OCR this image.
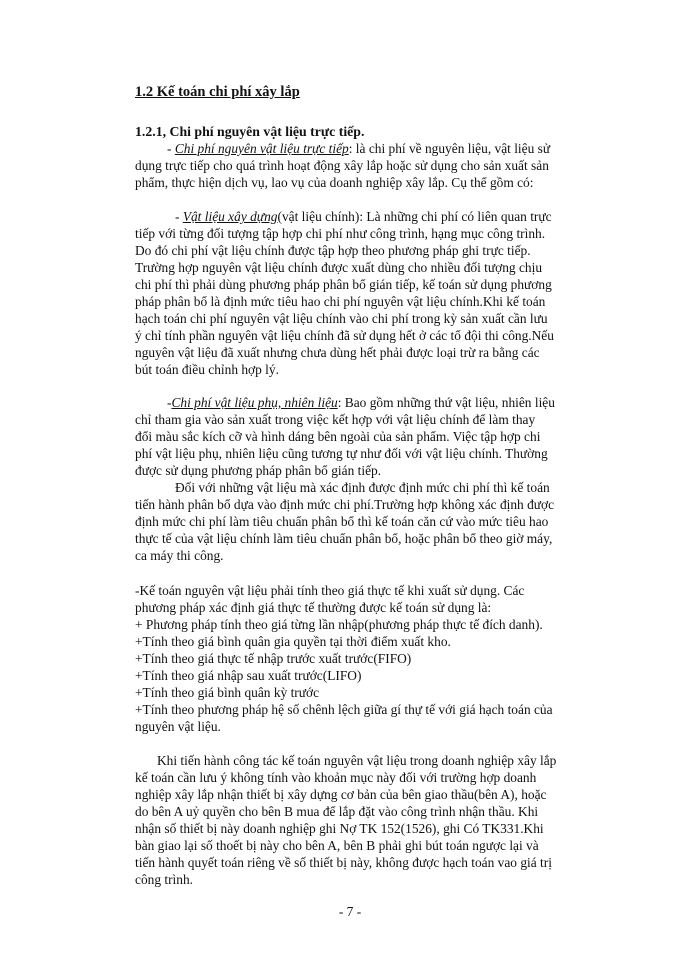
1.2 Kế toán chi phí xây lắp
1.2.1, Chi phí nguyên vật liệu trực tiếp.
- Chi phí nguyên vật liệu trực tiếp: là chi phí về nguyên liệu, vật liệu sử
dụng trực tiếp cho quá trình hoạt động xây lắp hoặc sử dụng cho sản xuất sản
phẩm, thực hiện dịch vụ, lao vụ của doanh nghiệp xây lắp. Cụ thể gồm có:
- Vật liệu xây dựng(vật liệu chính): Là những chi phí có liên quan trực
tiếp với từng đối tượng tập hợp chi phí như công trình, hạng mục công trình.
Do đó chi phí vật liệu chính được tập hợp theo phương pháp ghi trực tiếp.
Trường hợp nguyên vật liệu chính được xuất dùng cho nhiều đối tượng chịu
chi phí thì phải dùng phương pháp phân bổ gián tiếp, kế toán sử dụng phương
pháp phân bổ là định mức tiêu hao chi phí nguyên vật liệu chính.Khi kế toán
hạch toán chi phí nguyên vật liệu chính vào chi phí trong kỳ sản xuất cần lưu
ý chỉ tính phần nguyên vật liệu chính đã sử dụng hết ở các tổ đội thi công.Nếu
nguyên vật liệu đã xuất nhưng chưa dùng hết phải được loại trừ ra bằng các
bút toán điều chỉnh hợp lý.
-Chi phí vật liệu phụ, nhiên liệu: Bao gồm những thứ vật liệu, nhiên liệu
chỉ tham gia vào sản xuất trong việc kết hợp với vật liệu chính để làm thay
đổi màu sắc kích cỡ và hình dáng bên ngoài của sản phẩm. Việc tập hợp chi
phí vật liệu phụ, nhiên liệu cũng tương tự như đối với vật liệu chính. Thường
được sử dụng phương pháp phân bổ gián tiếp.
Đối với những vật liệu mà xác định được định mức chi phí thì kế toán
tiến hành phân bổ dựa vào định mức chi phí.Trường hợp không xác định được
định mức chi phí làm tiêu chuẩn phân bổ thì kế toán căn cứ vào mức tiêu hao
thực tế của vật liệu chính làm tiêu chuẩn phân bổ, hoặc phân bổ theo giờ máy,
ca máy thi công.
-Kế toán nguyên vật liệu phải tính theo giá thực tế khi xuất sử dụng. Các
phương pháp xác định giá thực tế thường được kế toán sử dụng là:
+ Phương pháp tính theo giá từng lần nhập(phương pháp thực tế đích danh).
+Tính theo giá bình quân gia quyền tại thời điểm xuất kho.
+Tính theo giá thực tế nhập trước xuất trước(FIFO)
+Tính theo giá nhập sau xuất trước(LIFO)
+Tính theo giá bình quân kỳ trước
+Tính theo phương pháp hệ số chênh lệch giữa gí thự tế với giá hạch toán của
nguyên vật liệu.
Khi tiến hành công tác kế toán nguyên vật liệu trong doanh nghiệp xây lắp
kế toán cần lưu ý không tính vào khoản mục này đối với trường hợp doanh
nghiệp xây lắp nhận thiết bị xây dựng cơ bản của bên giao thầu(bên A), hoặc
do bên A uỷ quyền cho bên B mua để lắp đặt vào công trình nhận thầu. Khi
nhận số thiết bị này doanh nghiệp ghi Nợ TK 152(1526), ghi Có TK331.Khi
bàn giao lại số thoết bị này cho bên A, bên B phải ghi bút toán ngược lại và
tiến hành quyết toán riêng về số thiết bị này, không được hạch toán vao giá trị
công trình.
- 7 -
